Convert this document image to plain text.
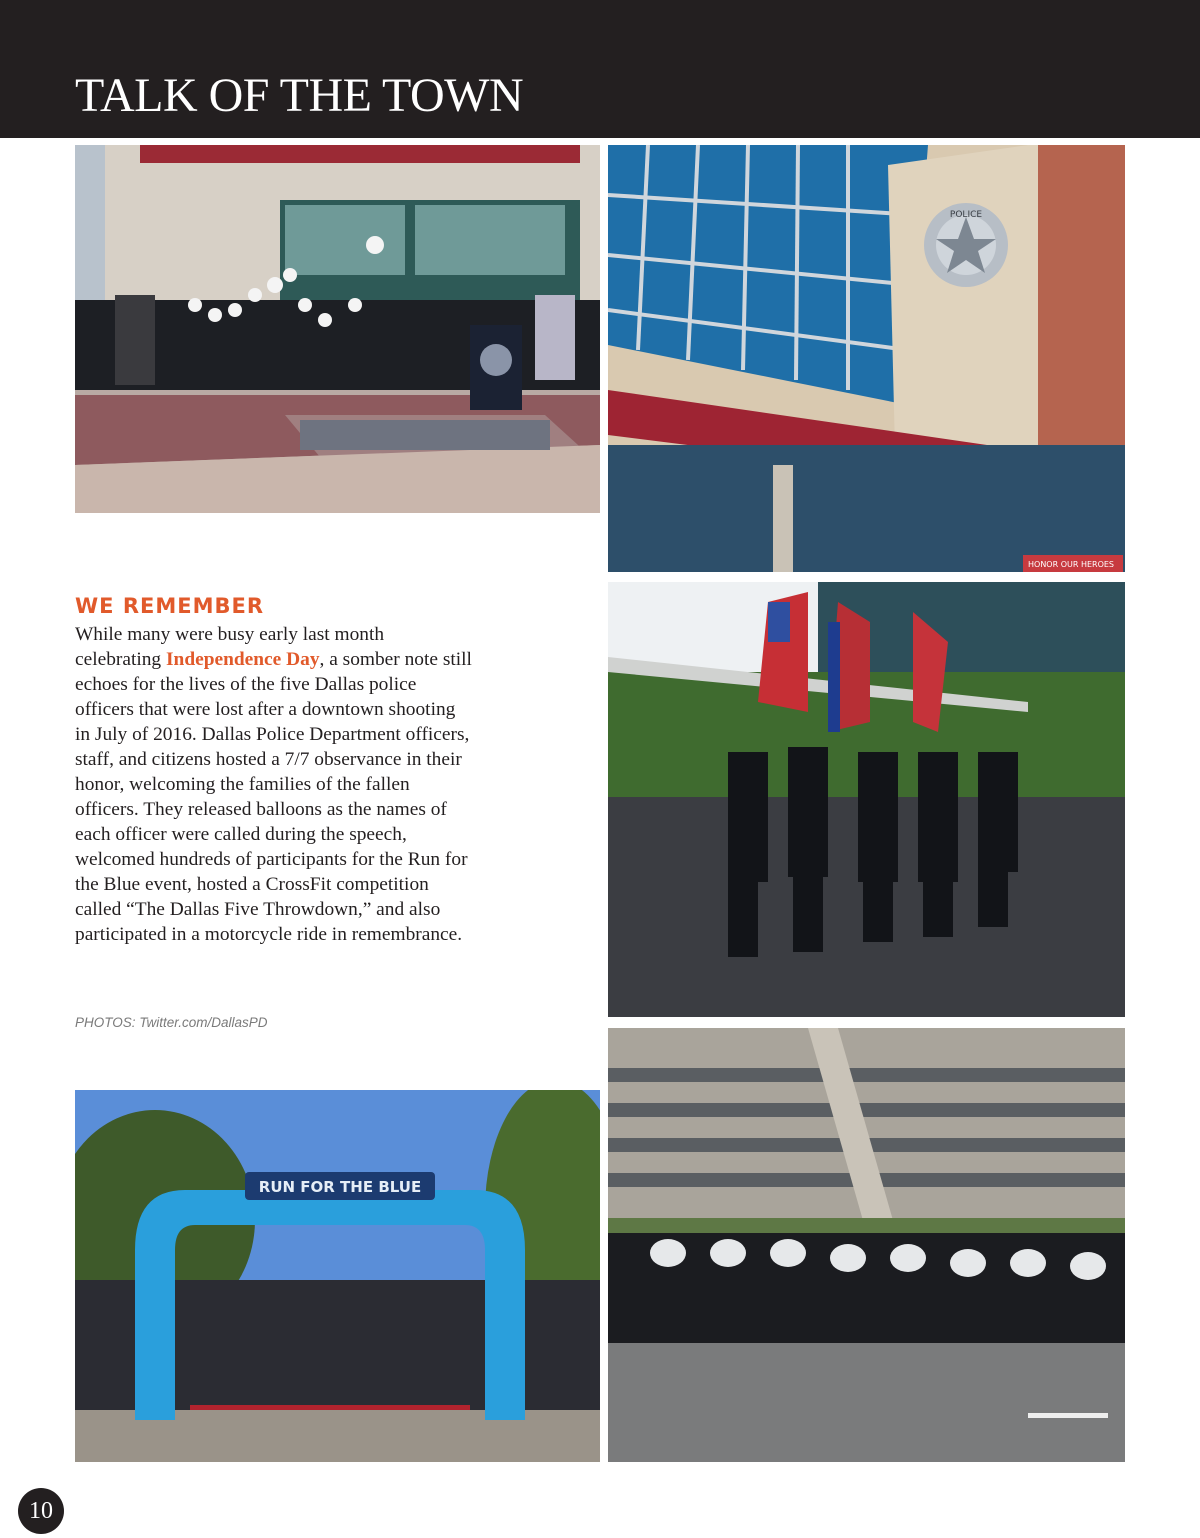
TALK OF THE TOWN
POLICE
HONOR OUR HEROES
RUN FOR THE BLUE
WE REMEMBER
While many were busy early last month celebrating Independence Day, a somber note still echoes for the lives of the five Dallas police officers that were lost after a downtown shooting in July of 2016. Dallas Police Department officers, staff, and citizens hosted a 7/7 observance in their honor, welcoming the families of the fallen officers. They released balloons as the names of each officer were called during the speech, welcomed hundreds of participants for the Run for the Blue event, hosted a CrossFit competition called “The Dallas Five Throwdown,” and also participated in a motorcycle ride in remembrance.
PHOTOS: Twitter.com/DallasPD
10
